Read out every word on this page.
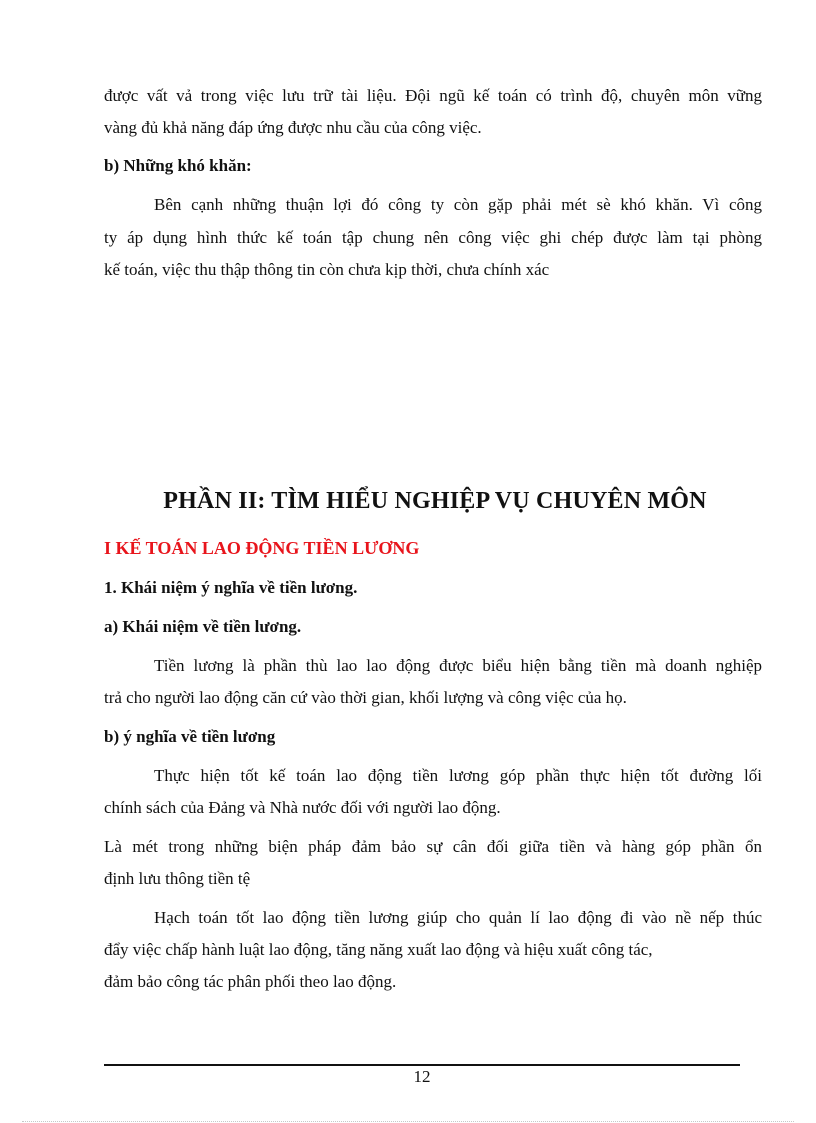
được vất vả trong việc lưu trữ tài liệu. Đội ngũ kế toán có trình độ, chuyên môn vững
vàng đủ khả năng đáp ứng được nhu cầu của công việc.
b) Những khó khăn:
Bên cạnh những thuận lợi đó công ty còn gặp phải mét sè khó khăn. Vì công
ty áp dụng hình thức kế toán tập chung nên công việc ghi chép được làm tại phòng
kế toán, việc thu thập thông tin còn chưa kịp thời, chưa chính xác
PHẦN II: TÌM HIỂU NGHIỆP VỤ CHUYÊN MÔN
I KẾ TOÁN LAO ĐỘNG TIỀN LƯƠNG
1. Khái niệm ý nghĩa về tiền lương.
a) Khái niệm về tiền lương.
Tiền lương là phần thù lao lao động được biểu hiện bằng tiền mà doanh nghiệp
trả cho người lao động căn cứ vào thời gian, khối lượng và công việc của họ.
b) ý nghĩa về tiền lương
Thực hiện tốt kế toán lao động tiền lương góp phần thực hiện tốt đường lối
chính sách của Đảng và Nhà nước đối với người lao động.
Là mét trong những biện pháp đảm bảo sự cân đối giữa tiền và hàng góp phần ổn
định lưu thông tiền tệ
Hạch toán tốt lao động tiền lương giúp cho quản lí lao động đi vào nề nếp thúc
đẩy việc chấp hành luật lao động, tăng năng xuất lao động và hiệu xuất công tác,
đảm bảo công tác phân phối theo lao động.
12
